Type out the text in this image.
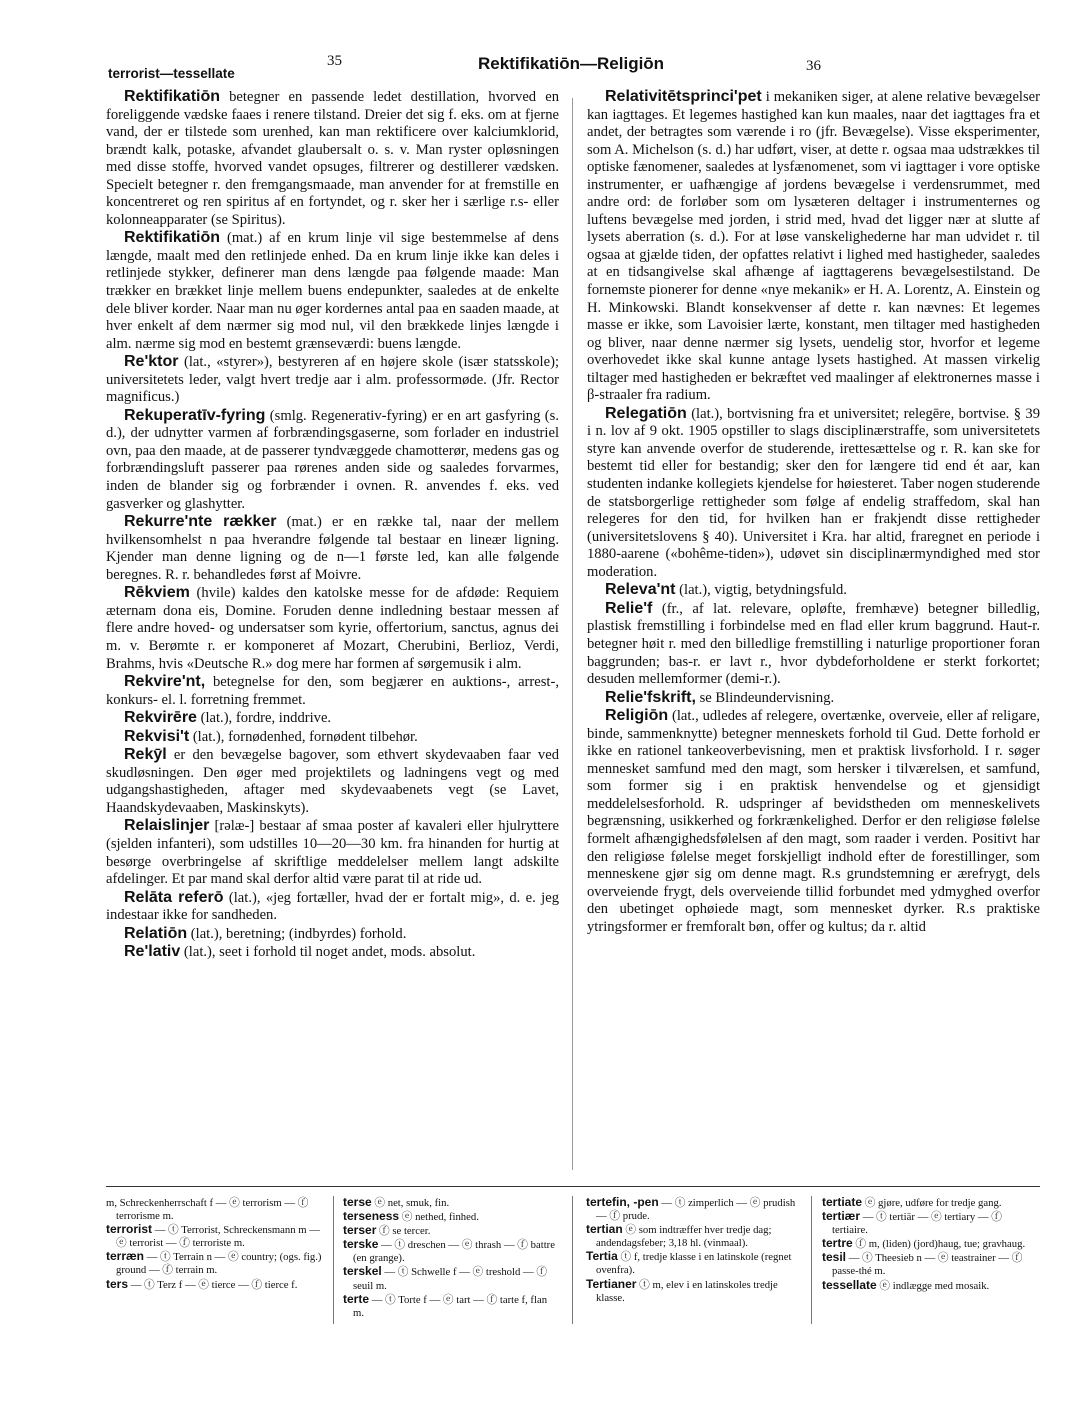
terrorist—tessellate
35	Rektifikatiōn—Religiōn	36

Rektifikatiōn betegner en passende ledet destillation, hvorved en foreliggende vædske faaes i renere tilstand. Dreier det sig f. eks. om at fjerne vand, der er tilstede som urenhed, kan man rektificere over kalciumklorid, brændt kalk, potaske, afvandet glaubersalt o. s. v. Man ryster opløsningen med disse stoffe, hvorved vandet opsuges, filtrerer og destillerer vædsken. Specielt betegner r. den fremgangsmaade, man anvender for at fremstille en koncentreret og ren spiritus af en fortyndet, og r. sker her i særlige r.s- eller kolonneapparater (se Spiritus).

Rektifikatiōn (mat.) af en krum linje vil sige bestemmelse af dens længde, maalt med den retlinjede enhed. Da en krum linje ikke kan deles i retlinjede stykker, definerer man dens længde paa følgende maade: Man trækker en brækket linje mellem buens endepunkter, saaledes at de enkelte dele bliver korder. Naar man nu øger kordernes antal paa en saaden maade, at hver enkelt af dem nærmer sig mod nul, vil den brækkede linjes længde i alm. nærme sig mod en bestemt grænseværdi: buens længde.

Re'ktor (lat., «styrer»), bestyreren af en højere skole (især statsskole); universitetets leder, valgt hvert tredje aar i alm. professormøde. (Jfr. Rector magnificus.)

Rekuperatīv-fyring (smlg. Regenerativ-fyring) er en art gasfyring (s. d.), der udnytter varmen af forbrændingsgaserne, som forlader en industriel ovn, paa den maade, at de passerer tyndvæggede chamotterør, medens gas og forbrændingsluft passerer paa rørenes anden side og saaledes forvarmes, inden de blander sig og forbrænder i ovnen. R. anvendes f. eks. ved gasverker og glashytter.

Rekurre'nte rækker (mat.) er en række tal, naar der mellem hvilkensomhelst n paa hverandre følgende tal bestaar en lineær ligning. Kjender man denne ligning og de n—1 første led, kan alle følgende beregnes. R. r. behandledes først af Moivre.

Rēkviem (hvile) kaldes den katolske messe for de afdøde: Requiem æternam dona eis, Domine. Foruden denne indledning bestaar messen af flere andre hoved- og undersatser som kyrie, offertorium, sanctus, agnus dei m. v. Berømte r. er komponeret af Mozart, Cherubini, Berlioz, Verdi, Brahms, hvis «Deutsche R.» dog mere har formen af sørgemusik i alm.

Rekvire'nt, betegnelse for den, som begjærer en auktions-, arrest-, konkurs- el. l. forretning fremmet.

Rekvirēre (lat.), fordre, inddrive.

Rekvisi't (lat.), fornødenhed, fornødent tilbehør.

Rekȳl er den bevægelse bagover, som ethvert skydevaaben faar ved skudløsningen. Den øger med projektilets og ladningens vegt og med udgangshastigheden, aftager med skydevaabenets vegt (se Lavet, Haandskydevaaben, Maskinskyts).

Relaislinjer [rəlæ-] bestaar af smaa poster af kavaleri eller hjulryttere (sjelden infanteri), som udstilles 10—20—30 km. fra hinanden for hurtig at besørge overbringelse af skriftlige meddelelser mellem langt adskilte afdelinger. Et par mand skal derfor altid være parat til at ride ud.

Relāta referō (lat.), «jeg fortæller, hvad der er fortalt mig», d. e. jeg indestaar ikke for sandheden.

Relatiōn (lat.), beretning; (indbyrdes) forhold.

Re'lativ (lat.), seet i forhold til noget andet, mods. absolut.

Relativitētsprinci'pet i mekaniken siger, at alene relative bevægelser kan iagttages. Et legemes hastighed kan kun maales, naar det iagttages fra et andet, der betragtes som værende i ro (jfr. Bevægelse). Visse eksperimenter, som A. Michelson (s. d.) har udført, viser, at dette r. ogsaa maa udstrækkes til optiske fænomener, saaledes at lysfænomenet, som vi iagttager i vore optiske instrumenter, er uafhængige af jordens bevægelse i verdensrummet, med andre ord: de forløber som om lysæteren deltager i instrumenternes og luftens bevægelse med jorden, i strid med, hvad det ligger nær at slutte af lysets aberration (s. d.). For at løse vanskelighederne har man udvidet r. til ogsaa at gjælde tiden, der opfattes relativt i lighed med hastigheder, saaledes at en tidsangivelse skal afhænge af iagttagerens bevægelsestilstand. De fornemste pionerer for denne «nye mekanik» er H. A. Lorentz, A. Einstein og H. Minkowski. Blandt konsekvenser af dette r. kan nævnes: Et legemes masse er ikke, som Lavoisier lærte, konstant, men tiltager med hastigheden og bliver, naar denne nærmer sig lysets, uendelig stor, hvorfor et legeme overhovedet ikke skal kunne antage lysets hastighed. At massen virkelig tiltager med hastigheden er bekræftet ved maalinger af elektronernes masse i β-straaler fra radium.

Relegatiōn (lat.), bortvisning fra et universitet; relegēre, bortvise. § 39 i n. lov af 9 okt. 1905 opstiller to slags disciplinærstraffe, som universitetets styre kan anvende overfor de studerende, irettesættelse og r. R. kan ske for bestemt tid eller for bestandig; sker den for længere tid end ét aar, kan studenten indanke kollegiets kjendelse for høiesteret. Taber nogen studerende de statsborgerlige rettigheder som følge af endelig straffedom, skal han relegeres for den tid, for hvilken han er frakjendt disse rettigheder (universitetslovens § 40). Universitet i Kra. har altid, fraregnet en periode i 1880-aarene («bohême-tiden»), udøvet sin disciplinærmyndighed med stor moderation.

Releva'nt (lat.), vigtig, betydningsfuld.

Relie'f (fr., af lat. relevare, opløfte, fremhæve) betegner billedlig, plastisk fremstilling i forbindelse med en flad eller krum baggrund. Haut-r. betegner høit r. med den billedlige fremstilling i naturlige proportioner foran baggrunden; bas-r. er lavt r., hvor dybdeforholdene er sterkt forkortet; desuden mellemformer (demi-r.).

Relie'fskrift, se Blindeundervisning.

Religiōn (lat., udledes af relegere, overtænke, overveie, eller af religare, binde, sammenknytte) betegner menneskets forhold til Gud. Dette forhold er ikke en rationel tankeoverbevisning, men et praktisk livsforhold. I r. søger mennesket samfund med den magt, som hersker i tilværelsen, et samfund, som former sig i en praktisk henvendelse og et gjensidigt meddelelsesforhold. R. udspringer af bevidstheden om menneskelivets begrænsning, usikkerhed og forkrænkelighed. Derfor er den religiøse følelse formelt afhængighedsfølelsen af den magt, som raader i verden. Positivt har den religiøse følelse meget forskjelligt indhold efter de forestillinger, som menneskene gjør sig om denne magt. R.s grundstemning er ærefrygt, dels overveiende frygt, dels overveiende tillid forbundet med ydmyghed overfor den ubetinget ophøiede magt, som mennesket dyrker. R.s praktiske ytringsformer er fremforalt bøn, offer og kultus; da r. altid

m, Schreckenherrschaft f — ⓔ terrorism — ⓕ terrorisme m.

terrorist — ⓣ Terrorist, Schreckensmann m — ⓔ terrorist — ⓕ terroriste m.

terræn — ⓣ Terrain n — ⓔ country; (ogs. fig.) ground — ⓕ terrain m.

ters — ⓣ Terz f — ⓔ tierce — ⓕ tierce f.

terse ⓔ net, smuk, fin.

terseness ⓔ nethed, finhed.

terser ⓕ se tercer.

terske — ⓣ dreschen — ⓔ thrash — ⓕ battre (en grange).

terskel — ⓣ Schwelle f — ⓔ treshold — ⓕ seuil m.

terte — ⓣ Torte f — ⓔ tart — ⓕ tarte f, flan m.

tertefin, -pen — ⓣ zimperlich — ⓔ prudish — ⓕ prude.

tertian ⓔ som indtræffer hver tredje dag; andendagsfeber; 3,18 hl. (vinmaal).

Tertia ⓣ f, tredje klasse i en latinskole (regnet ovenfra).

Tertianer ⓣ m, elev i en latinskoles tredje klasse.

tertiate ⓔ gjøre, udføre for tredje gang.

tertiær — ⓣ tertiär — ⓔ tertiary — ⓕ tertiaire.

tertre ⓕ m, (liden) (jord)haug, tue; gravhaug.

tesil — ⓣ Theesieb n — ⓔ teastrainer — ⓕ passe-thé m.

tessellate ⓔ indlægge med mosaik.
